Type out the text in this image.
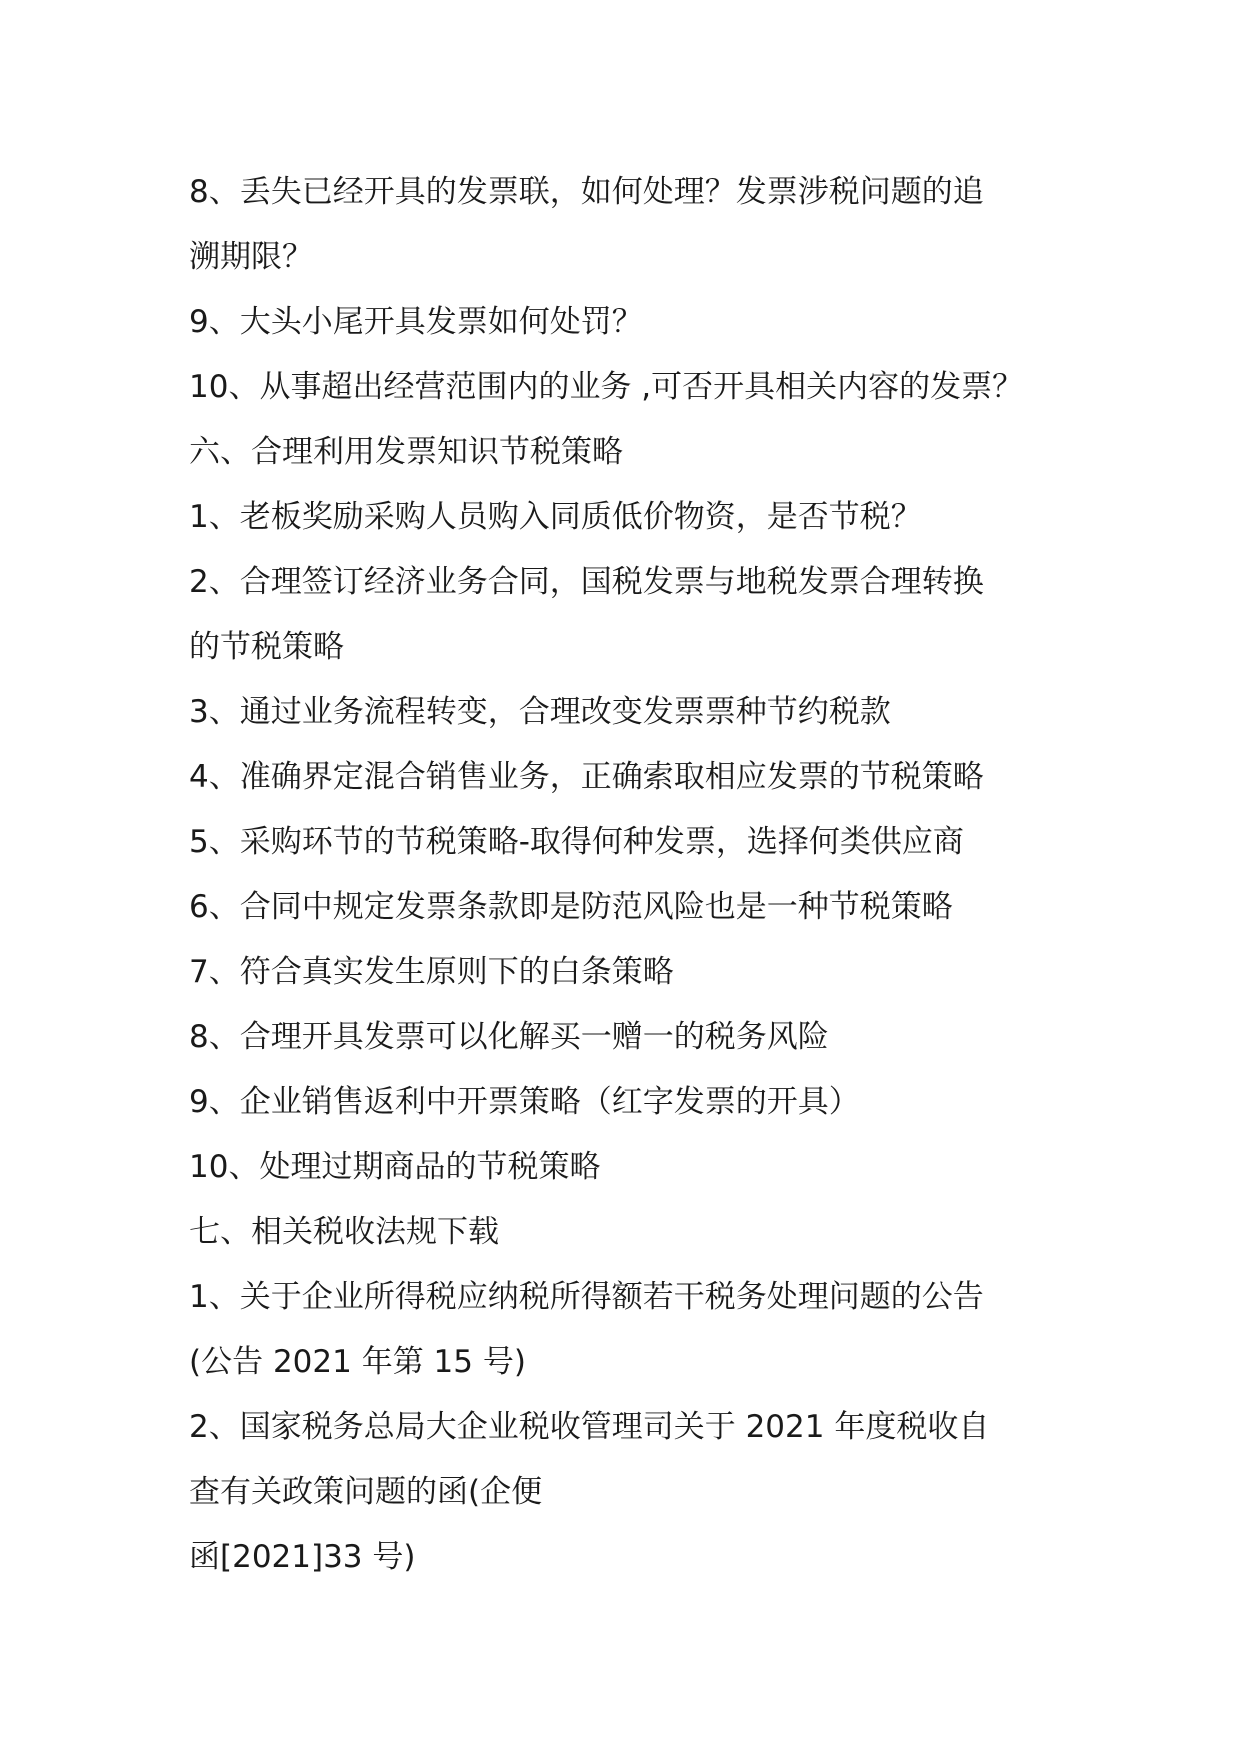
8、丢失已经开具的发票联，如何处理？发票涉税问题的追
溯期限？
9、大头小尾开具发票如何处罚？
10、从事超出经营范围内的业务 ,可否开具相关内容的发票？
六、合理利用发票知识节税策略
1、老板奖励采购人员购入同质低价物资，是否节税？
2、合理签订经济业务合同，国税发票与地税发票合理转换
的节税策略
3、通过业务流程转变，合理改变发票票种节约税款
4、准确界定混合销售业务，正确索取相应发票的节税策略
5、采购环节的节税策略-取得何种发票，选择何类供应商
6、合同中规定发票条款即是防范风险也是一种节税策略
7、符合真实发生原则下的白条策略
8、合理开具发票可以化解买一赠一的税务风险
9、企业销售返利中开票策略（红字发票的开具）
10、处理过期商品的节税策略
七、相关税收法规下载
1、关于企业所得税应纳税所得额若干税务处理问题的公告
(公告 2021 年第 15 号)
2、国家税务总局大企业税收管理司关于 2021 年度税收自
查有关政策问题的函(企便
函[2021]33 号)
